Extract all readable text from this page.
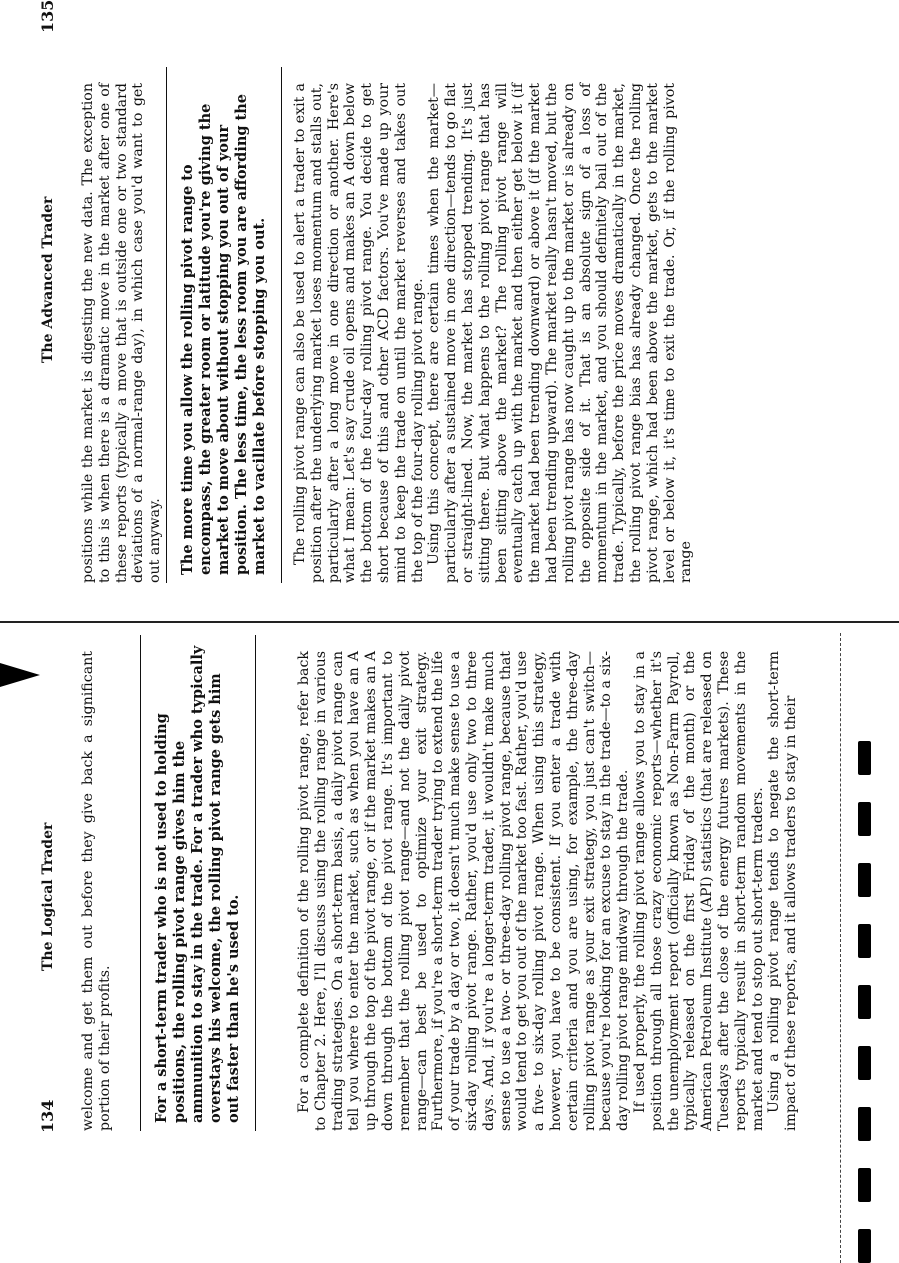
134
The Logical Trader welcome and get them out before they give back a significant portion of their profits.	For a short-term trader who is not used to holding positions, the rolling pivot range gives him the ammunition to stay in the trade. For a trader who typically overstays his welcome, the rolling pivot range gets him out faster than he's used to.	For a complete definition of the rolling pivot range, refer back to Chapter 2. Here, I'll discuss using the rolling range in various trading strategies. On a short-term basis, a daily pivot range can tell you where to enter the market, such as when you have an A up through the top of the pivot range, or if the market makes an A down through the bottom of the pivot range. It's important to remember that the rolling pivot range—and not the daily pivot range—can best be used to optimize your exit strategy. Furthermore, if you're a short-term trader trying to extend the life of your trade by a day or two, it doesn't much make sense to use a six-day rolling pivot range. Rather, you'd use only two to three days. And, if you're a longer-term trader, it wouldn't make much sense to use a two- or three-day rolling pivot range, because that would tend to get you out of the market too fast. Rather, you'd use a five- to six-day rolling pivot range. When using this strategy, however, you have to be consistent. If you enter a trade with certain criteria and you are using, for example, the three-day rolling pivot range as your exit strategy, you just can't switch—because you're looking for an excuse to stay in the trade—to a six-day rolling pivot range midway through the trade. If used properly, the rolling pivot range allows you to stay in a position through all those crazy economic reports—whether it's the unemployment report (officially known as Non-Farm Payroll, typically released on the first Friday of the month) or the American Petroleum Institute (API) statistics (that are released on Tuesdays after the close of the energy futures markets). These reports typically result in short-term random movements in the market and tend to stop out short-term traders. Using a rolling pivot range tends to negate the short-term impact of these reports, and it allows traders to stay in their

The Advanced Trader
135

positions while the market is digesting the new data. The exception to this is when there is a dramatic move in the market after one of these reports (typically a move that is outside one or two standard deviations of a normal-range day), in which case you'd want to get out anyway.	The more time you allow the rolling pivot range to encompass, the greater room or latitude you're giving the market to move about without stopping you out of your position. The less time, the less room you are affording the market to vacillate before stopping you out.	The rolling pivot range can also be used to alert a trader to exit a position after the underlying market loses momentum and stalls out, particularly after a long move in one direction or another. Here's what I mean: Let's say crude oil opens and makes an A down below the bottom of the four-day rolling pivot range. You decide to get short because of this and other ACD factors. You've made up your mind to keep the trade on until the market reverses and takes out the top of the four-day rolling pivot range. Using this concept, there are certain times when the market—particularly after a sustained move in one direction—tends to go flat or straight-lined. Now, the market has stopped trending. It's just sitting there. But what happens to the rolling pivot range that has been sitting above the market? The rolling pivot range will eventually catch up with the market and then either get below it (if the market had been trending downward) or above it (if the market had been trending upward). The market really hasn't moved, but the rolling pivot range has now caught up to the market or is already on the opposite side of it. That is an absolute sign of a loss of momentum in the market, and you should definitely bail out of the trade. Typically, before the price moves dramatically in the market, the rolling pivot range bias has already changed. Once the rolling pivot range, which had been above the market, gets to the market level or below it, it's time to exit the trade. Or, if the rolling pivot range
